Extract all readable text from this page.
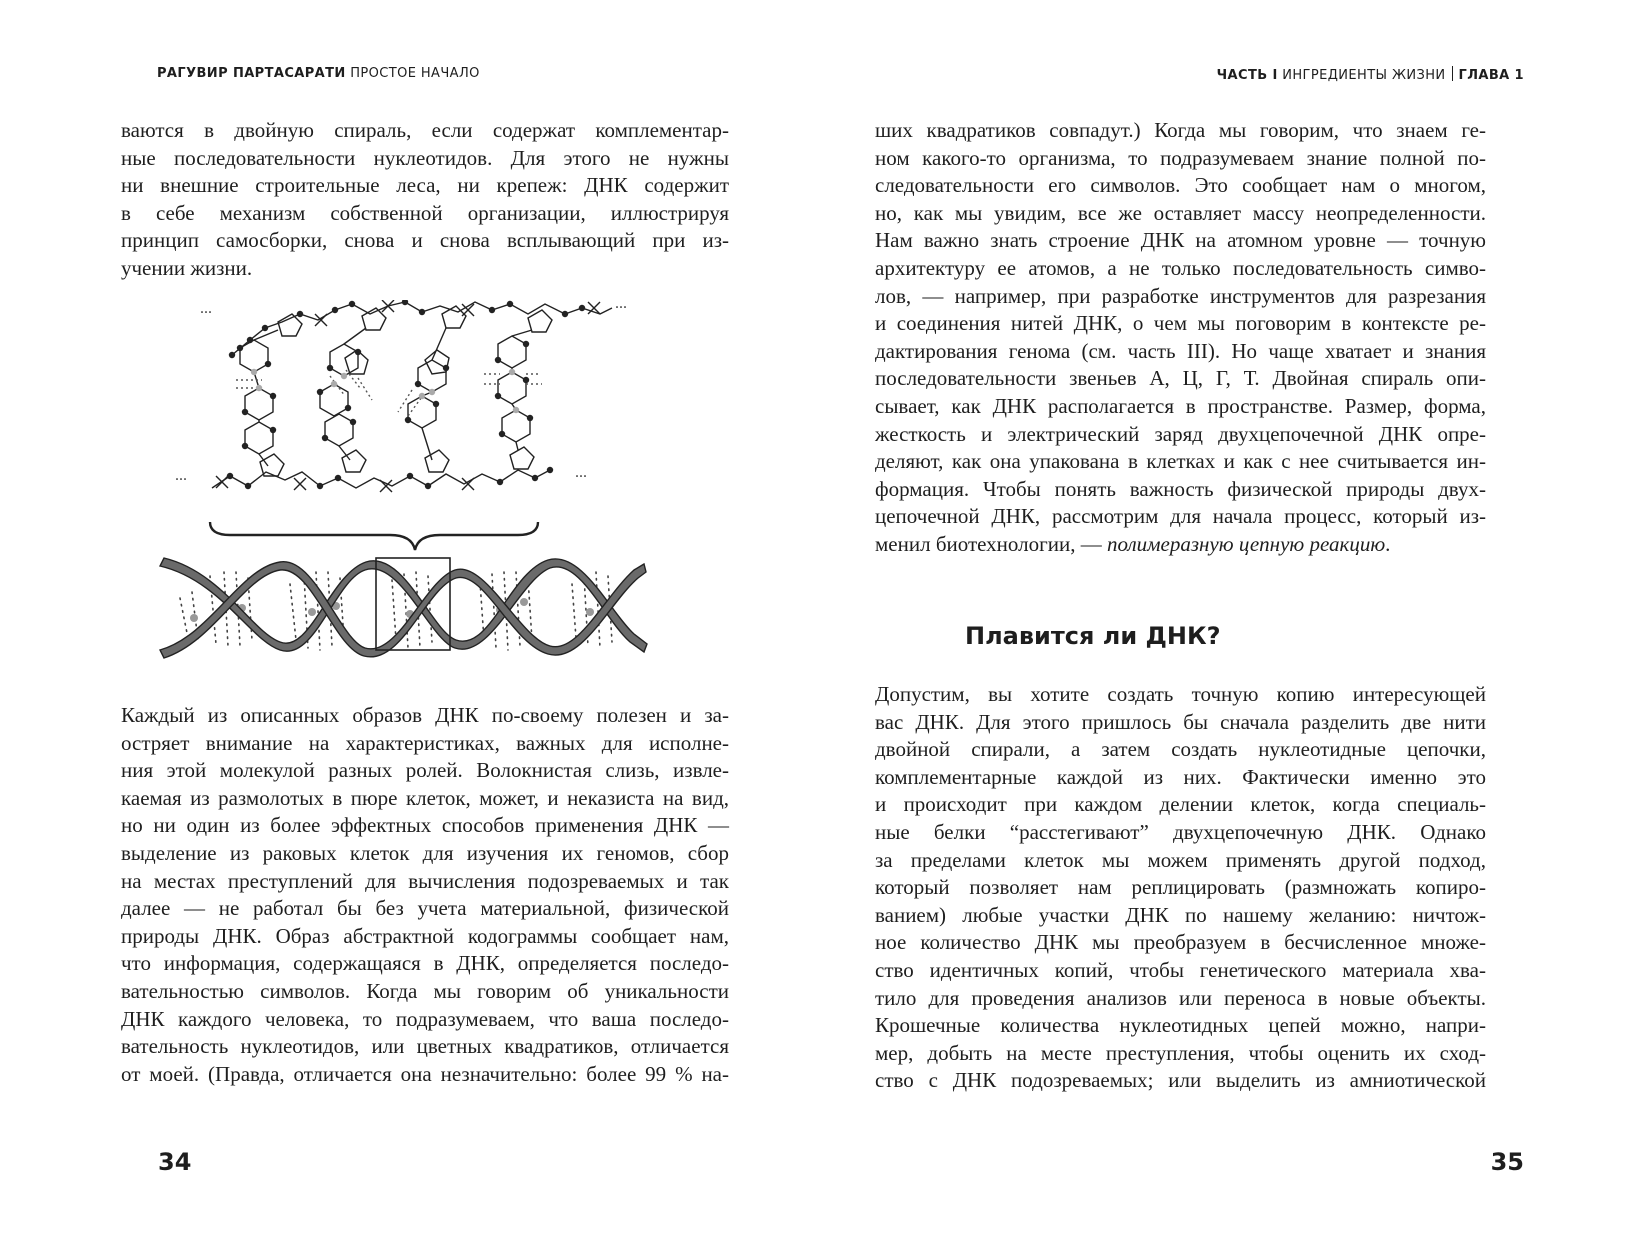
РАГУВИР ПАРТАСАРАТИ ПРОСТОЕ НАЧАЛО
ваются в двойную спираль, если содержат комплементар-
ные последовательности нуклеотидов. Для этого не нужны
ни внешние строительные леса, ни крепеж: ДНК содержит
в себе механизм собственной организации, иллюстрируя
принцип самосборки, снова и снова всплывающий при из-
учении жизни.
...	...
...	...
Каждый из описанных образов ДНК по-своему полезен и за-
остряет внимание на характеристиках, важных для исполне-
ния этой молекулой разных ролей. Волокнистая слизь, извле-
каемая из размолотых в пюре клеток, может, и неказиста на вид,
но ни один из более эффектных способов применения ДНК —
выделение из раковых клеток для изучения их геномов, сбор
на местах преступлений для вычисления подозреваемых и так
далее — не работал бы без учета материальной, физической
природы ДНК. Образ абстрактной кодограммы сообщает нам,
что информация, содержащаяся в ДНК, определяется последо-
вательностью символов. Когда мы говорим об уникальности
ДНК каждого человека, то подразумеваем, что ваша последо-
вательность нуклеотидов, или цветных квадратиков, отличается
от моей. (Правда, отличается она незначительно: более 99 % на-
34
ЧАСТЬ I ИНГРЕДИЕНТЫ ЖИЗНИ ГЛАВА 1
ших квадратиков совпадут.) Когда мы говорим, что знаем ге-
ном какого-то организма, то подразумеваем знание полной по-
следовательности его символов. Это сообщает нам о многом,
но, как мы увидим, все же оставляет массу неопределенности.
Нам важно знать строение ДНК на атомном уровне — точную
архитектуру ее атомов, а не только последовательность симво-
лов, — например, при разработке инструментов для разрезания
и соединения нитей ДНК, о чем мы поговорим в контексте ре-
дактирования генома (см. часть III). Но чаще хватает и знания
последовательности звеньев А, Ц, Г, Т. Двойная спираль опи-
сывает, как ДНК располагается в пространстве. Размер, форма,
жесткость и электрический заряд двухцепочечной ДНК опре-
деляют, как она упакована в клетках и как с нее считывается ин-
формация. Чтобы понять важность физической природы двух-
цепочечной ДНК, рассмотрим для начала процесс, который из-
менил биотехнологии, — полимеразную цепную реакцию.
Плавится ли ДНК?
Допустим, вы хотите создать точную копию интересующей
вас ДНК. Для этого пришлось бы сначала разделить две нити
двойной спирали, а затем создать нуклеотидные цепочки,
комплементарные каждой из них. Фактически именно это
и происходит при каждом делении клеток, когда специаль-
ные белки “расстегивают” двухцепочечную ДНК. Однако
за пределами клеток мы можем применять другой подход,
который позволяет нам реплицировать (размножать копиро-
ванием) любые участки ДНК по нашему желанию: ничтож-
ное количество ДНК мы преобразуем в бесчисленное множе-
ство идентичных копий, чтобы генетического материала хва-
тило для проведения анализов или переноса в новые объекты.
Крошечные количества нуклеотидных цепей можно, напри-
мер, добыть на месте преступления, чтобы оценить их сход-
ство с ДНК подозреваемых; или выделить из амниотической
35
